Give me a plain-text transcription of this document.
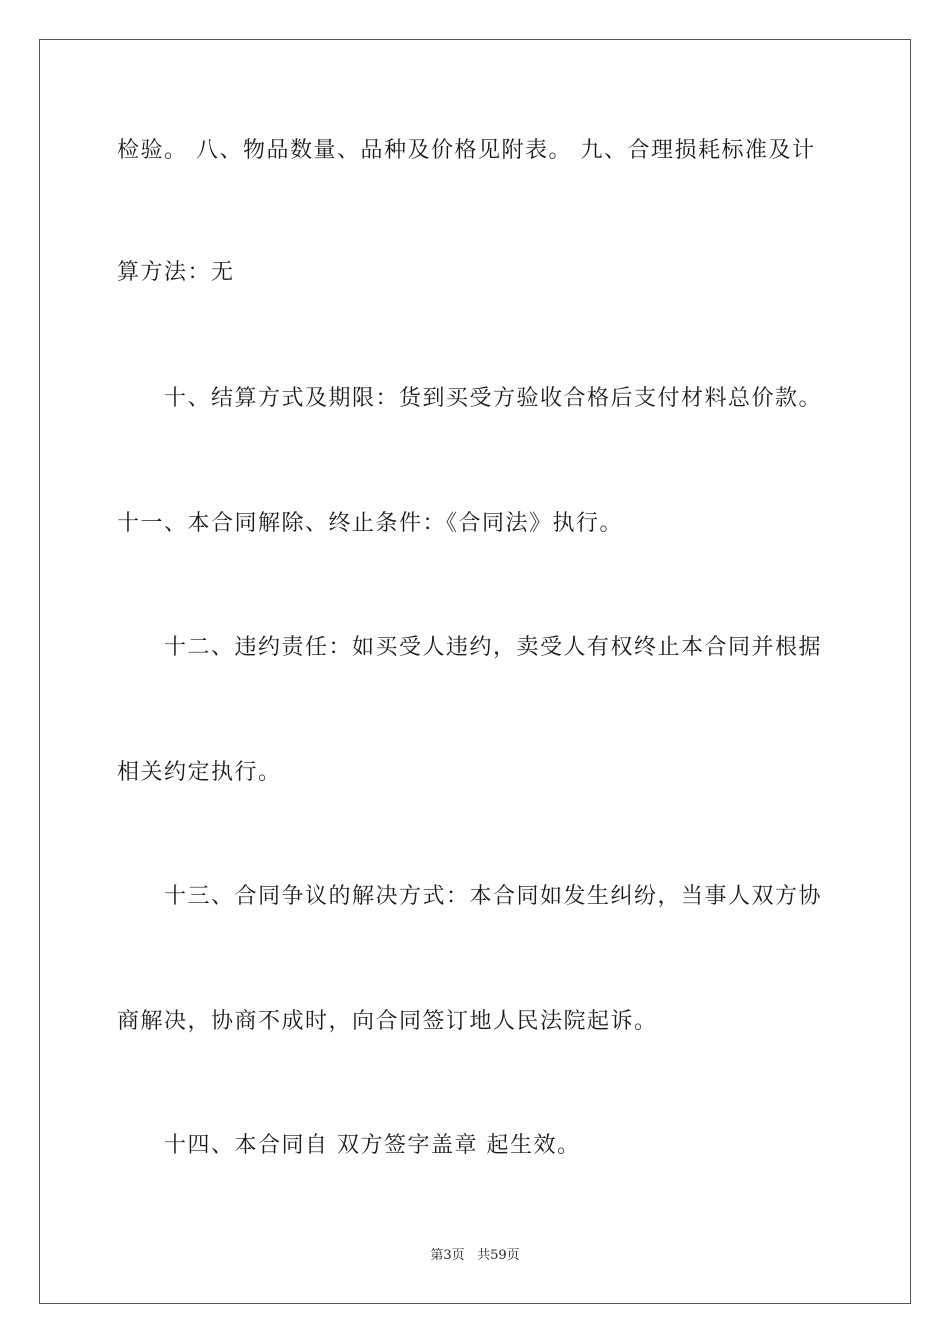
检验。 八、物品数量、品种及价格见附表。 九、合理损耗标准及计
算方法：无
十、结算方式及期限：货到买受方验收合格后支付材料总价款。
十一、本合同解除、终止条件：《合同法》执行。
十二、违约责任：如买受人违约，卖受人有权终止本合同并根据
相关约定执行。
十三、合同争议的解决方式：本合同如发生纠纷，当事人双方协
商解决，协商不成时，向合同签订地人民法院起诉。
十四、本合同自 双方签字盖章 起生效。
第3页 共59页
